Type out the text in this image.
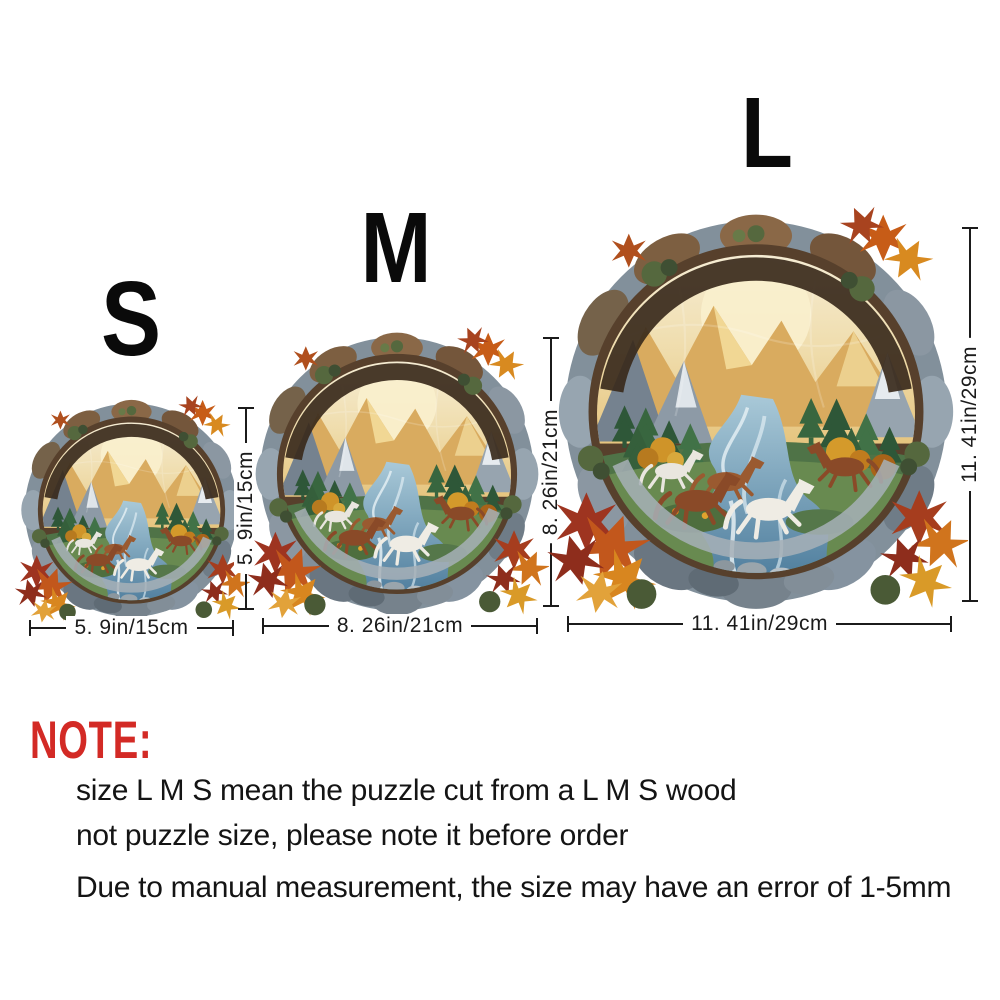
S
5. 9in/15cm
5. 9in/15cm
M
8. 26in/21cm
8. 26in/21cm
L
11. 41in/29cm
11. 41in/29cm
NOTE:
size L M S mean the puzzle cut from a L M S wood
not puzzle size, please note it before order
Due to manual measurement, the size may have an error of 1-5mm
